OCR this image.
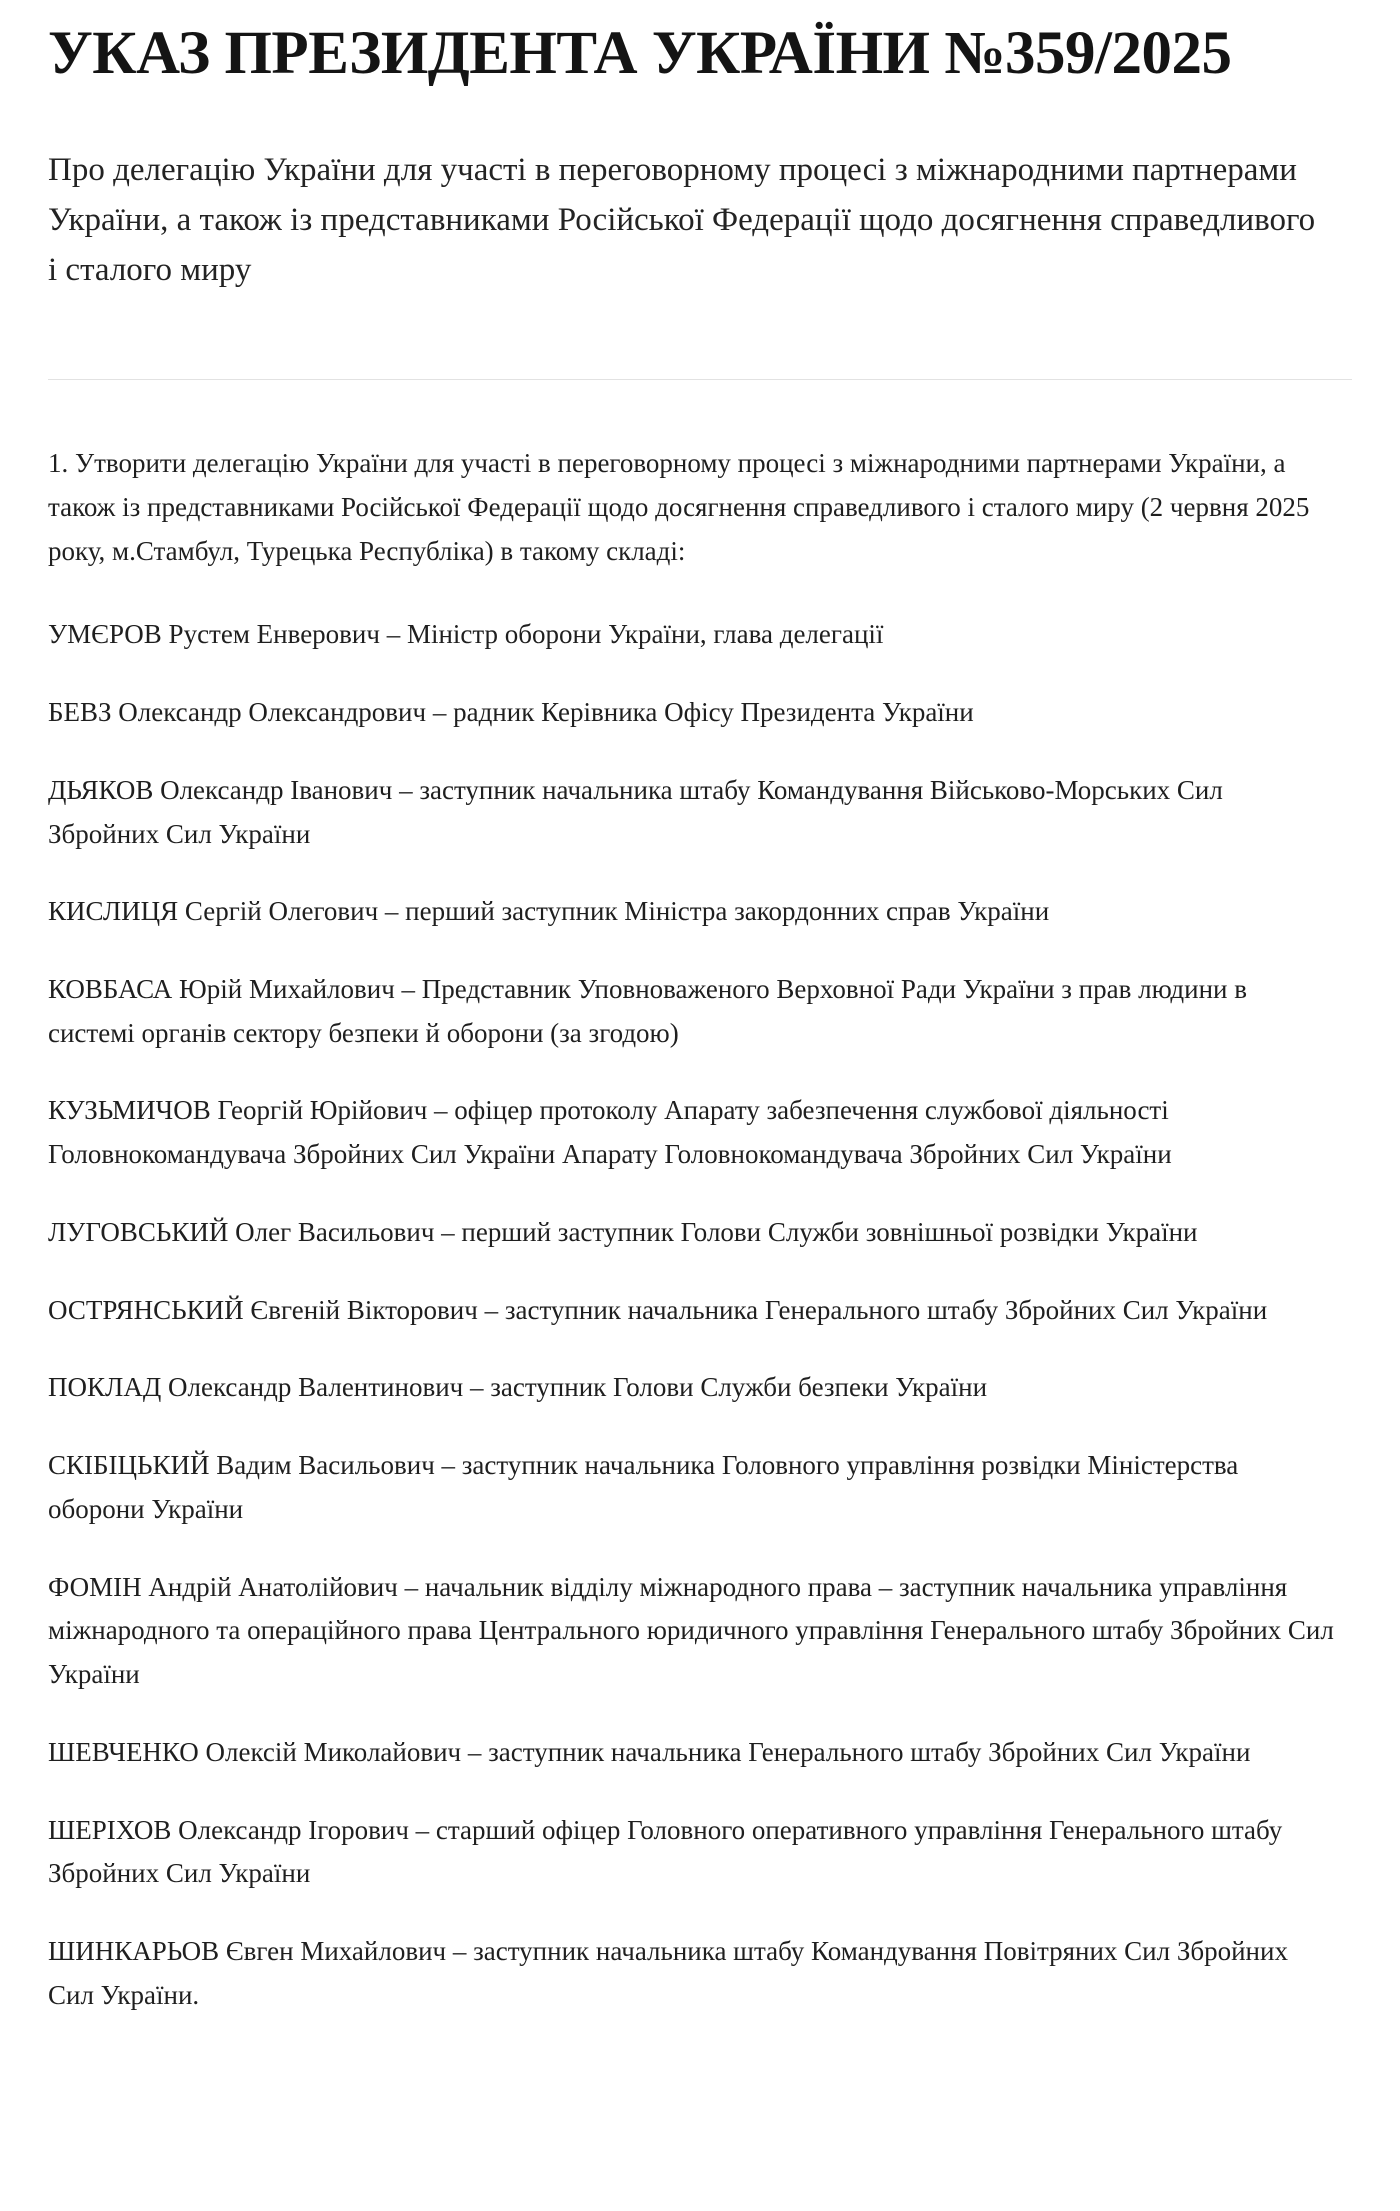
УКАЗ ПРЕЗИДЕНТА УКРАЇНИ №359/2025
Про делегацію України для участі в переговорному процесі з міжнародними партнерами України, а також із представниками Російської Федерації щодо досягнення справедливого і сталого миру

1. Утворити делегацію України для участі в переговорному процесі з міжнародними партнерами України, а також із представниками Російської Федерації щодо досягнення справедливого і сталого миру (2 червня 2025 року, м.Стамбул, Турецька Республіка) в такому складі:

УМЄРОВ Рустем Енверович – Міністр оборони України, глава делегації

БЕВЗ Олександр Олександрович – радник Керівника Офісу Президента України

ДЬЯКОВ Олександр Іванович – заступник начальника штабу Командування Військово-Морських Сил Збройних Сил України

КИСЛИЦЯ Сергій Олегович – перший заступник Міністра закордонних справ України

КОВБАСА Юрій Михайлович – Представник Уповноваженого Верховної Ради України з прав людини в системі органів сектору безпеки й оборони (за згодою)

КУЗЬМИЧОВ Георгій Юрійович – офіцер протоколу Апарату забезпечення службової діяльності Головнокомандувача Збройних Сил України Апарату Головнокомандувача Збройних Сил України

ЛУГОВСЬКИЙ Олег Васильович – перший заступник Голови Служби зовнішньої розвідки України

ОСТРЯНСЬКИЙ Євгеній Вікторович – заступник начальника Генерального штабу Збройних Сил України

ПОКЛАД Олександр Валентинович – заступник Голови Служби безпеки України

СКІБІЦЬКИЙ Вадим Васильович – заступник начальника Головного управління розвідки Міністерства оборони України

ФОМІН Андрій Анатолійович – начальник відділу міжнародного права – заступник начальника управління міжнародного та операційного права Центрального юридичного управління Генерального штабу Збройних Сил України

ШЕВЧЕНКО Олексій Миколайович – заступник начальника Генерального штабу Збройних Сил України

ШЕРІХОВ Олександр Ігорович – старший офіцер Головного оперативного управління Генерального штабу Збройних Сил України

ШИНКАРЬОВ Євген Михайлович – заступник начальника штабу Командування Повітряних Сил Збройних Сил України.
